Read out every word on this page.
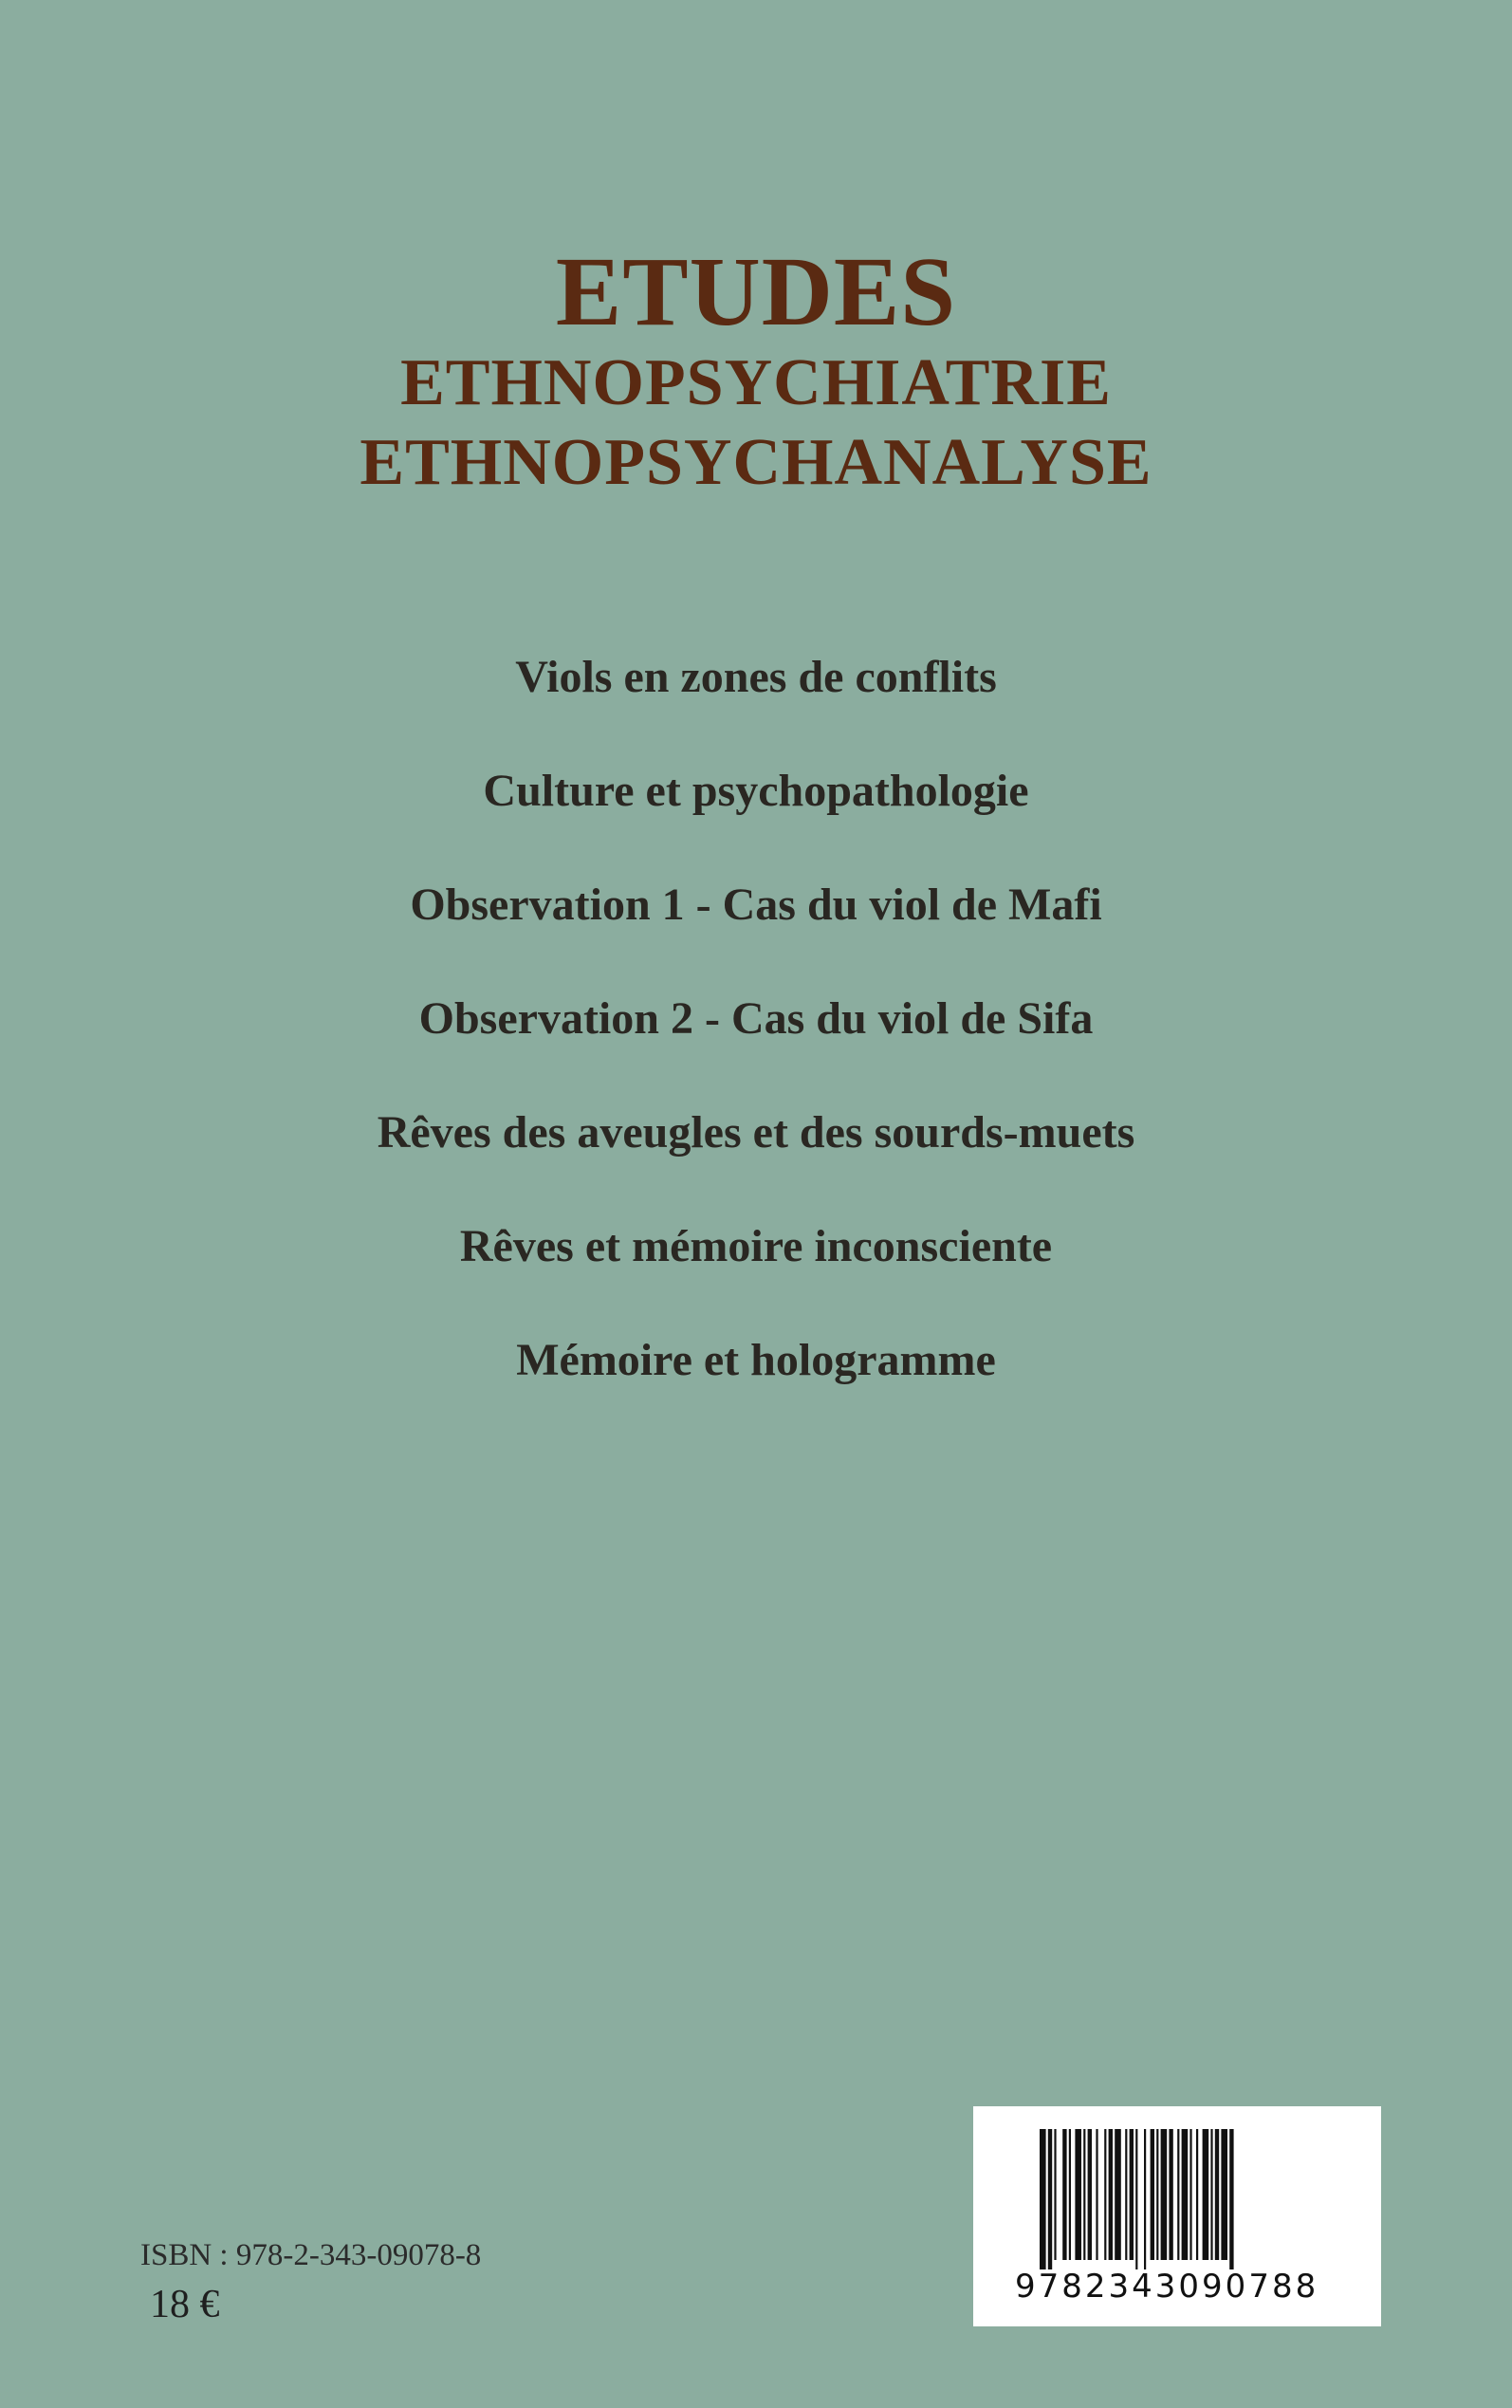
ETUDES
ETHNOPSYCHIATRIE
ETHNOPSYCHANALYSE
Viols en zones de conflits
Culture et psychopathologie
Observation 1 - Cas du viol de Mafi
Observation 2 - Cas du viol de Sifa
Rêves des aveugles et des sourds-muets
Rêves et mémoire inconsciente
Mémoire et hologramme
ISBN : 978-2-343-09078-8
18 €	9782343090788
